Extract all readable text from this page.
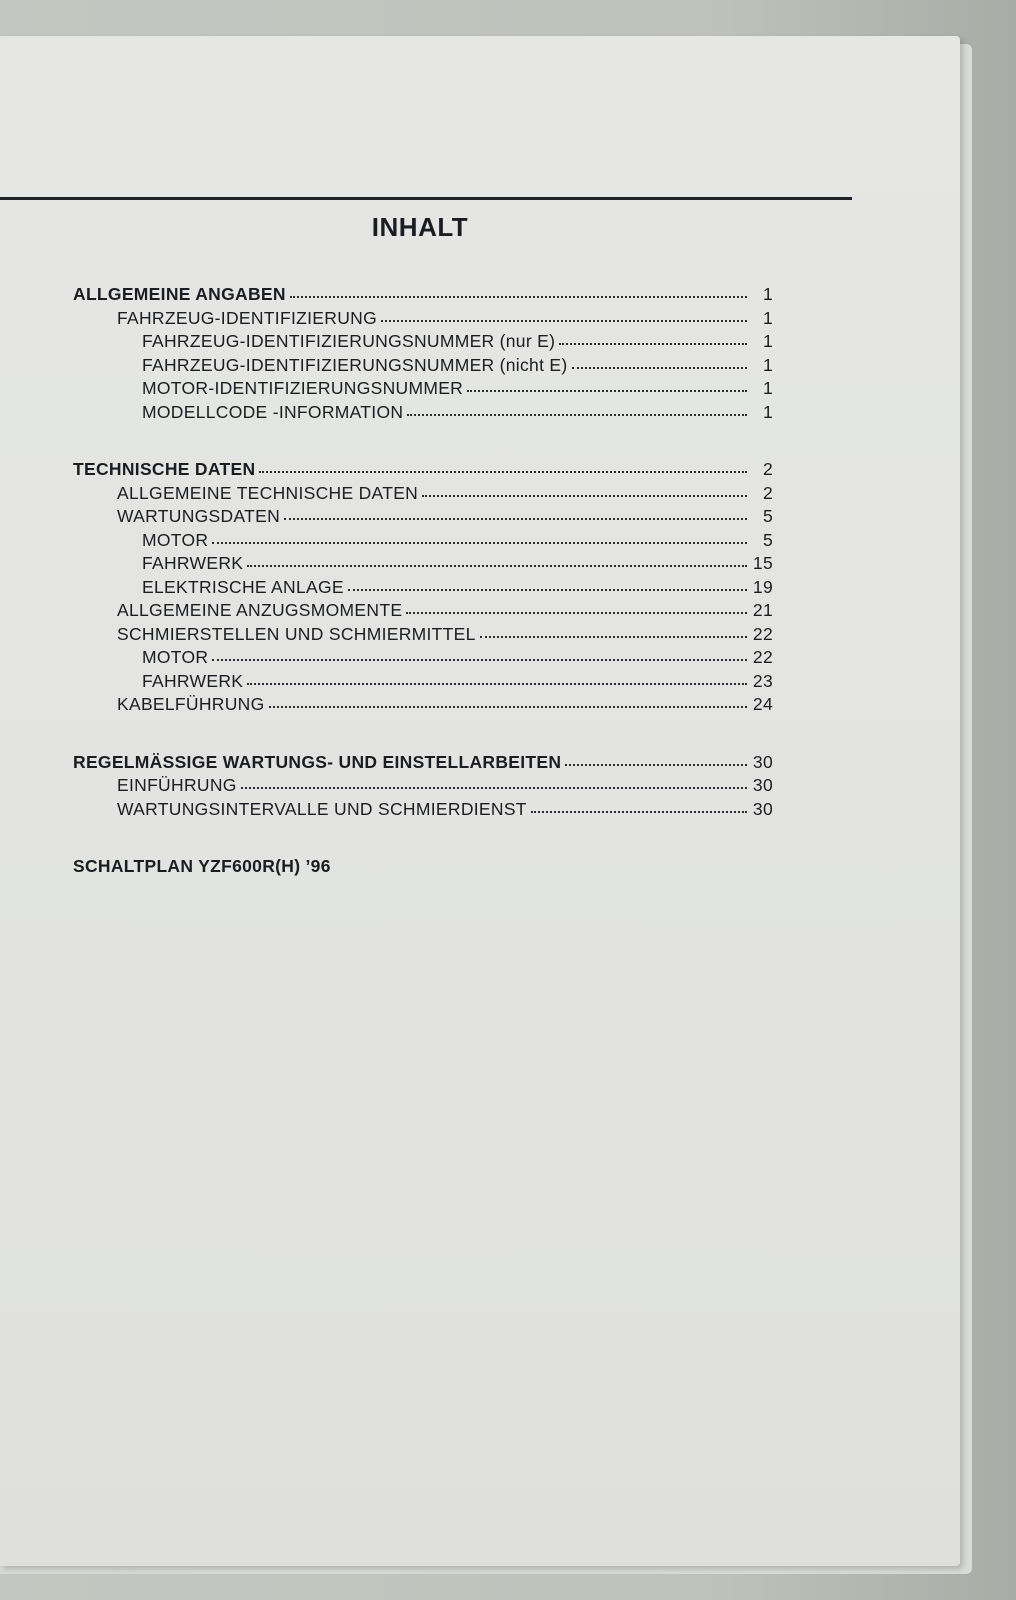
INHALT
ALLGEMEINE ANGABEN	1
FAHRZEUG-IDENTIFIZIERUNG	1
FAHRZEUG-IDENTIFIZIERUNGSNUMMER (nur E)	1
FAHRZEUG-IDENTIFIZIERUNGSNUMMER (nicht E)	1
MOTOR-IDENTIFIZIERUNGSNUMMER	1
MODELLCODE -INFORMATION	1
TECHNISCHE DATEN	2
ALLGEMEINE TECHNISCHE DATEN	2
WARTUNGSDATEN	5
MOTOR	5
FAHRWERK	15
ELEKTRISCHE ANLAGE	19
ALLGEMEINE ANZUGSMOMENTE	21
SCHMIERSTELLEN UND SCHMIERMITTEL	22
MOTOR	22
FAHRWERK	23
KABELFÜHRUNG	24
REGELMÄSSIGE WARTUNGS- UND EINSTELLARBEITEN	30
EINFÜHRUNG	30
WARTUNGSINTERVALLE UND SCHMIERDIENST	30
SCHALTPLAN YZF600R(H) ’96
